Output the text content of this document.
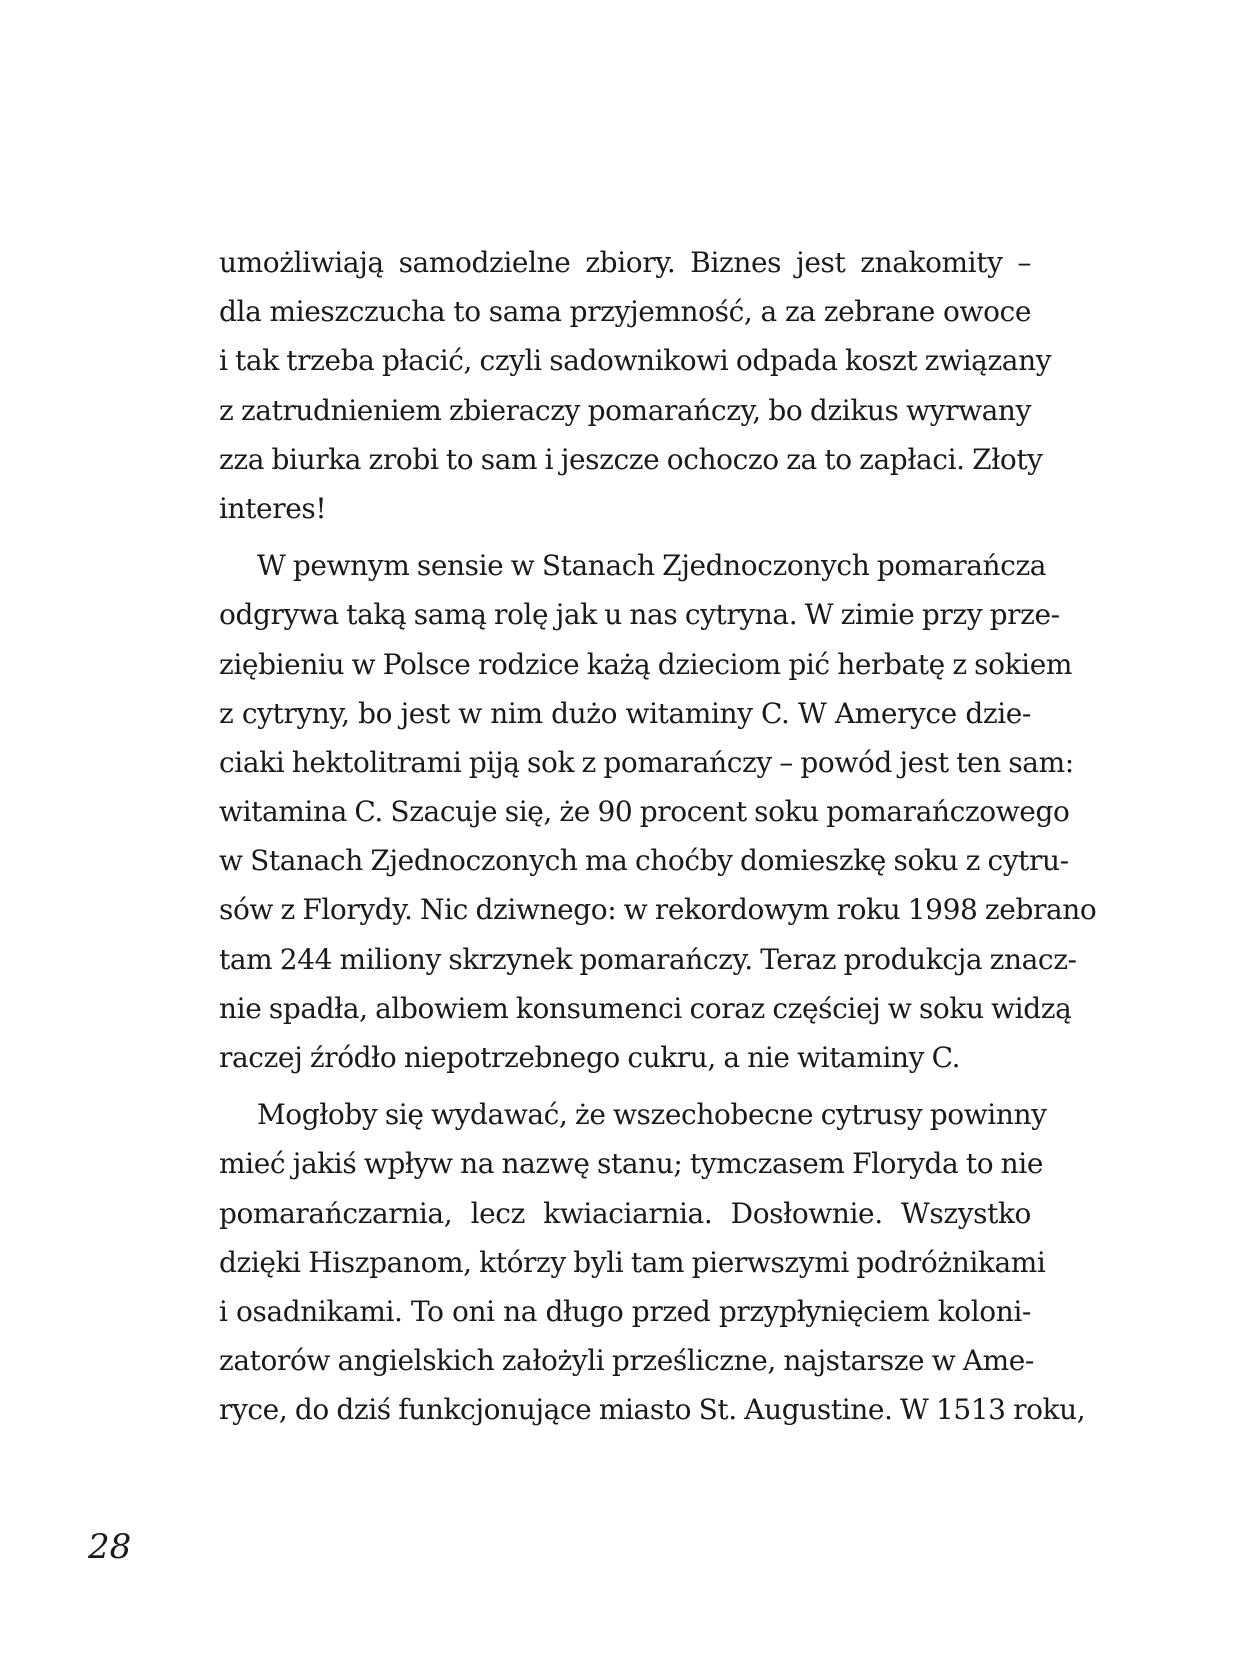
umożliwiają samodzielne zbiory. Biznes jest znakomity –
dla mieszczucha to sama przyjemność, a za zebrane owoce
i tak trzeba płacić, czyli sadownikowi odpada koszt związany
z zatrudnieniem zbieraczy pomarańczy, bo dzikus wyrwany
zza biurka zrobi to sam i jeszcze ochoczo za to zapłaci. Złoty
interes!
W pewnym sensie w Stanach Zjednoczonych pomarańcza
odgrywa taką samą rolę jak u nas cytryna. W zimie przy prze-
ziębieniu w Polsce rodzice każą dzieciom pić herbatę z sokiem
z cytryny, bo jest w nim dużo witaminy C. W Ameryce dzie-
ciaki hektolitrami piją sok z pomarańczy – powód jest ten sam:
witamina C. Szacuje się, że 90 procent soku pomarańczowego
w Stanach Zjednoczonych ma choćby domieszkę soku z cytru-
sów z Florydy. Nic dziwnego: w rekordowym roku 1998 zebrano
tam 244 miliony skrzynek pomarańczy. Teraz produkcja znacz-
nie spadła, albowiem konsumenci coraz częściej w soku widzą
raczej źródło niepotrzebnego cukru, a nie witaminy C.
Mogłoby się wydawać, że wszechobecne cytrusy powinny
mieć jakiś wpływ na nazwę stanu; tymczasem Floryda to nie
pomarańczarnia, lecz kwiaciarnia. Dosłownie. Wszystko
dzięki Hiszpanom, którzy byli tam pierwszymi podróżnikami
i osadnikami. To oni na długo przed przypłynięciem koloni-
zatorów angielskich założyli prześliczne, najstarsze w Ame-
ryce, do dziś funkcjonujące miasto St. Augustine. W 1513 roku,
28
